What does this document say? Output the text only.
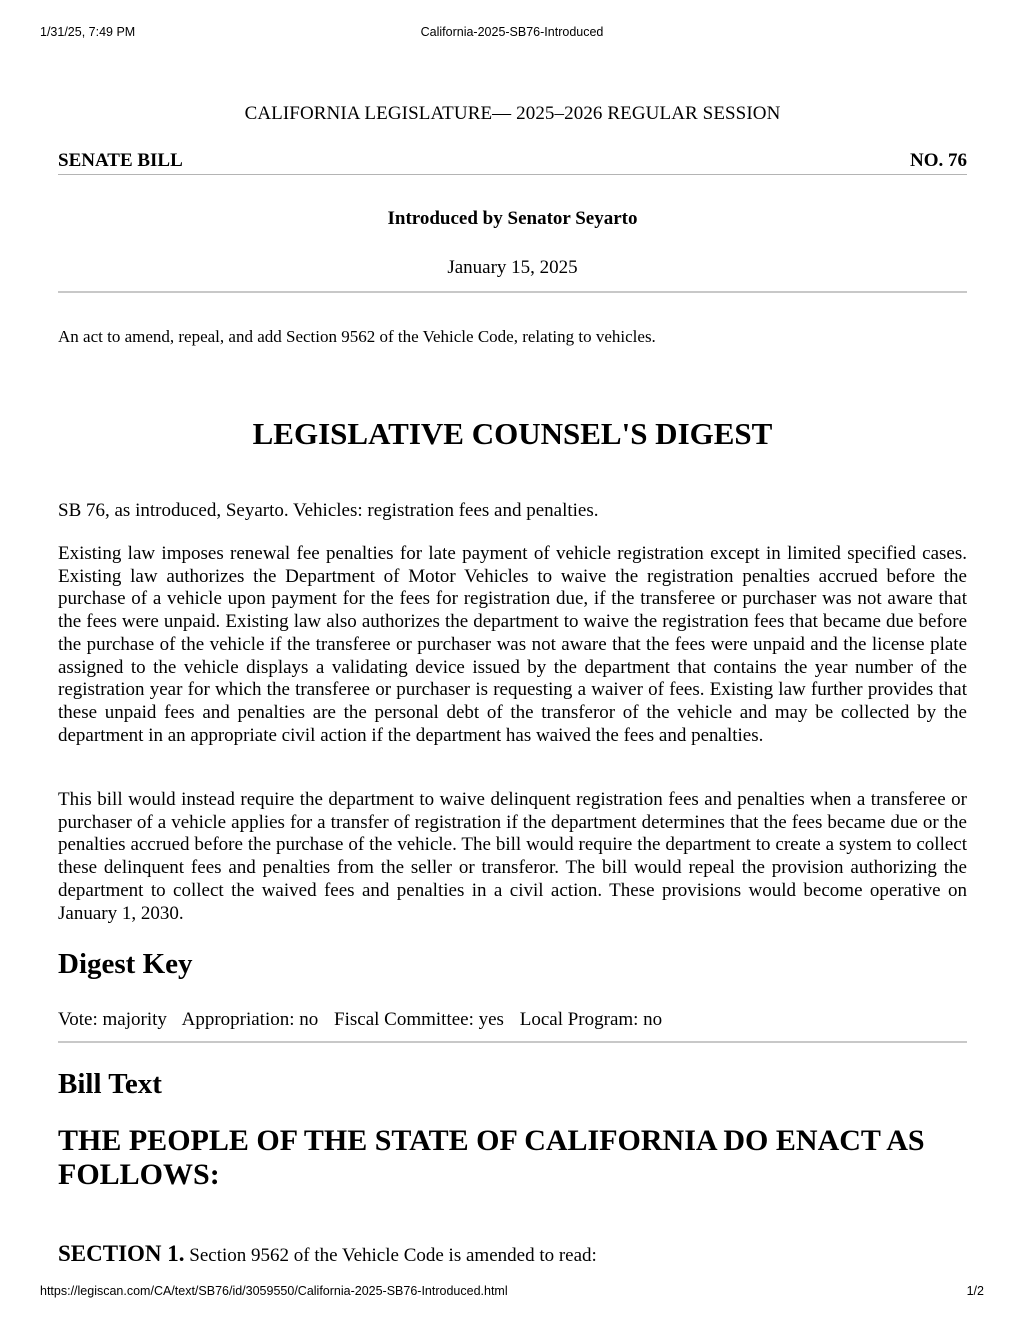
1/31/25, 7:49 PM	California-2025-SB76-Introduced
CALIFORNIA LEGISLATURE— 2025–2026 REGULAR SESSION
SENATE BILL	NO. 76
Introduced by Senator Seyarto
January 15, 2025
An act to amend, repeal, and add Section 9562 of the Vehicle Code, relating to vehicles.
LEGISLATIVE COUNSEL'S DIGEST
SB 76, as introduced, Seyarto. Vehicles: registration fees and penalties.
Existing law imposes renewal fee penalties for late payment of vehicle registration except in limited specified cases. Existing law authorizes the Department of Motor Vehicles to waive the registration penalties accrued before the purchase of a vehicle upon payment for the fees for registration due, if the transferee or purchaser was not aware that the fees were unpaid. Existing law also authorizes the department to waive the registration fees that became due before the purchase of the vehicle if the transferee or purchaser was not aware that the fees were unpaid and the license plate assigned to the vehicle displays a validating device issued by the department that contains the year number of the registration year for which the transferee or purchaser is requesting a waiver of fees. Existing law further provides that these unpaid fees and penalties are the personal debt of the transferor of the vehicle and may be collected by the department in an appropriate civil action if the department has waived the fees and penalties.
This bill would instead require the department to waive delinquent registration fees and penalties when a transferee or purchaser of a vehicle applies for a transfer of registration if the department determines that the fees became due or the penalties accrued before the purchase of the vehicle. The bill would require the department to create a system to collect these delinquent fees and penalties from the seller or transferor. The bill would repeal the provision authorizing the department to collect the waived fees and penalties in a civil action. These provisions would become operative on January 1, 2030.
Digest Key
Vote: majority Appropriation: no Fiscal Committee: yes Local Program: no
Bill Text
THE PEOPLE OF THE STATE OF CALIFORNIA DO ENACT AS FOLLOWS:
SECTION 1. Section 9562 of the Vehicle Code is amended to read:
https://legiscan.com/CA/text/SB76/id/3059550/California-2025-SB76-Introduced.html	1/2
